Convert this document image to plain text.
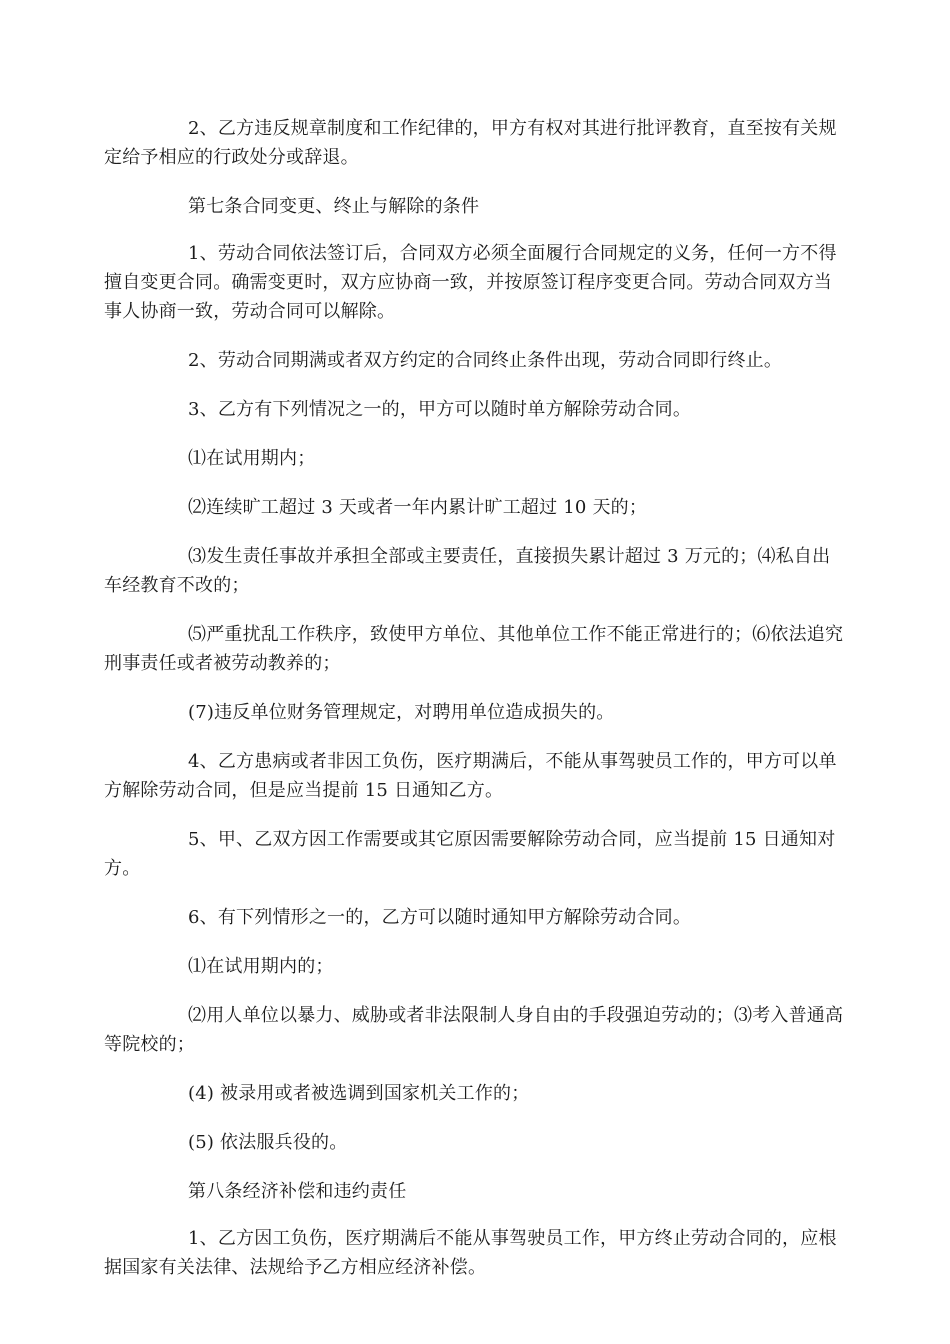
2、乙方违反规章制度和工作纪律的，甲方有权对其进行批评教育，直至按有关规定给予相应的行政处分或辞退。

第七条合同变更、终止与解除的条件

1、劳动合同依法签订后，合同双方必须全面履行合同规定的义务，任何一方不得擅自变更合同。确需变更时，双方应协商一致，并按原签订程序变更合同。劳动合同双方当事人协商一致，劳动合同可以解除。

2、劳动合同期满或者双方约定的合同终止条件出现，劳动合同即行终止。

3、乙方有下列情况之一的，甲方可以随时单方解除劳动合同。

⑴在试用期内；

⑵连续旷工超过 3 天或者一年内累计旷工超过 10 天的；

⑶发生责任事故并承担全部或主要责任，直接损失累计超过 3 万元的；⑷私自出车经教育不改的；

⑸严重扰乱工作秩序，致使甲方单位、其他单位工作不能正常进行的；⑹依法追究刑事责任或者被劳动教养的；

(7)违反单位财务管理规定，对聘用单位造成损失的。

4、乙方患病或者非因工负伤，医疗期满后，不能从事驾驶员工作的，甲方可以单方解除劳动合同，但是应当提前 15 日通知乙方。

5、甲、乙双方因工作需要或其它原因需要解除劳动合同，应当提前 15 日通知对方。

6、有下列情形之一的，乙方可以随时通知甲方解除劳动合同。

⑴在试用期内的；

⑵用人单位以暴力、威胁或者非法限制人身自由的手段强迫劳动的；⑶考入普通高等院校的；

(4) 被录用或者被选调到国家机关工作的；

(5) 依法服兵役的。

第八条经济补偿和违约责任

1、乙方因工负伤，医疗期满后不能从事驾驶员工作，甲方终止劳动合同的，应根据国家有关法律、法规给予乙方相应经济补偿。
